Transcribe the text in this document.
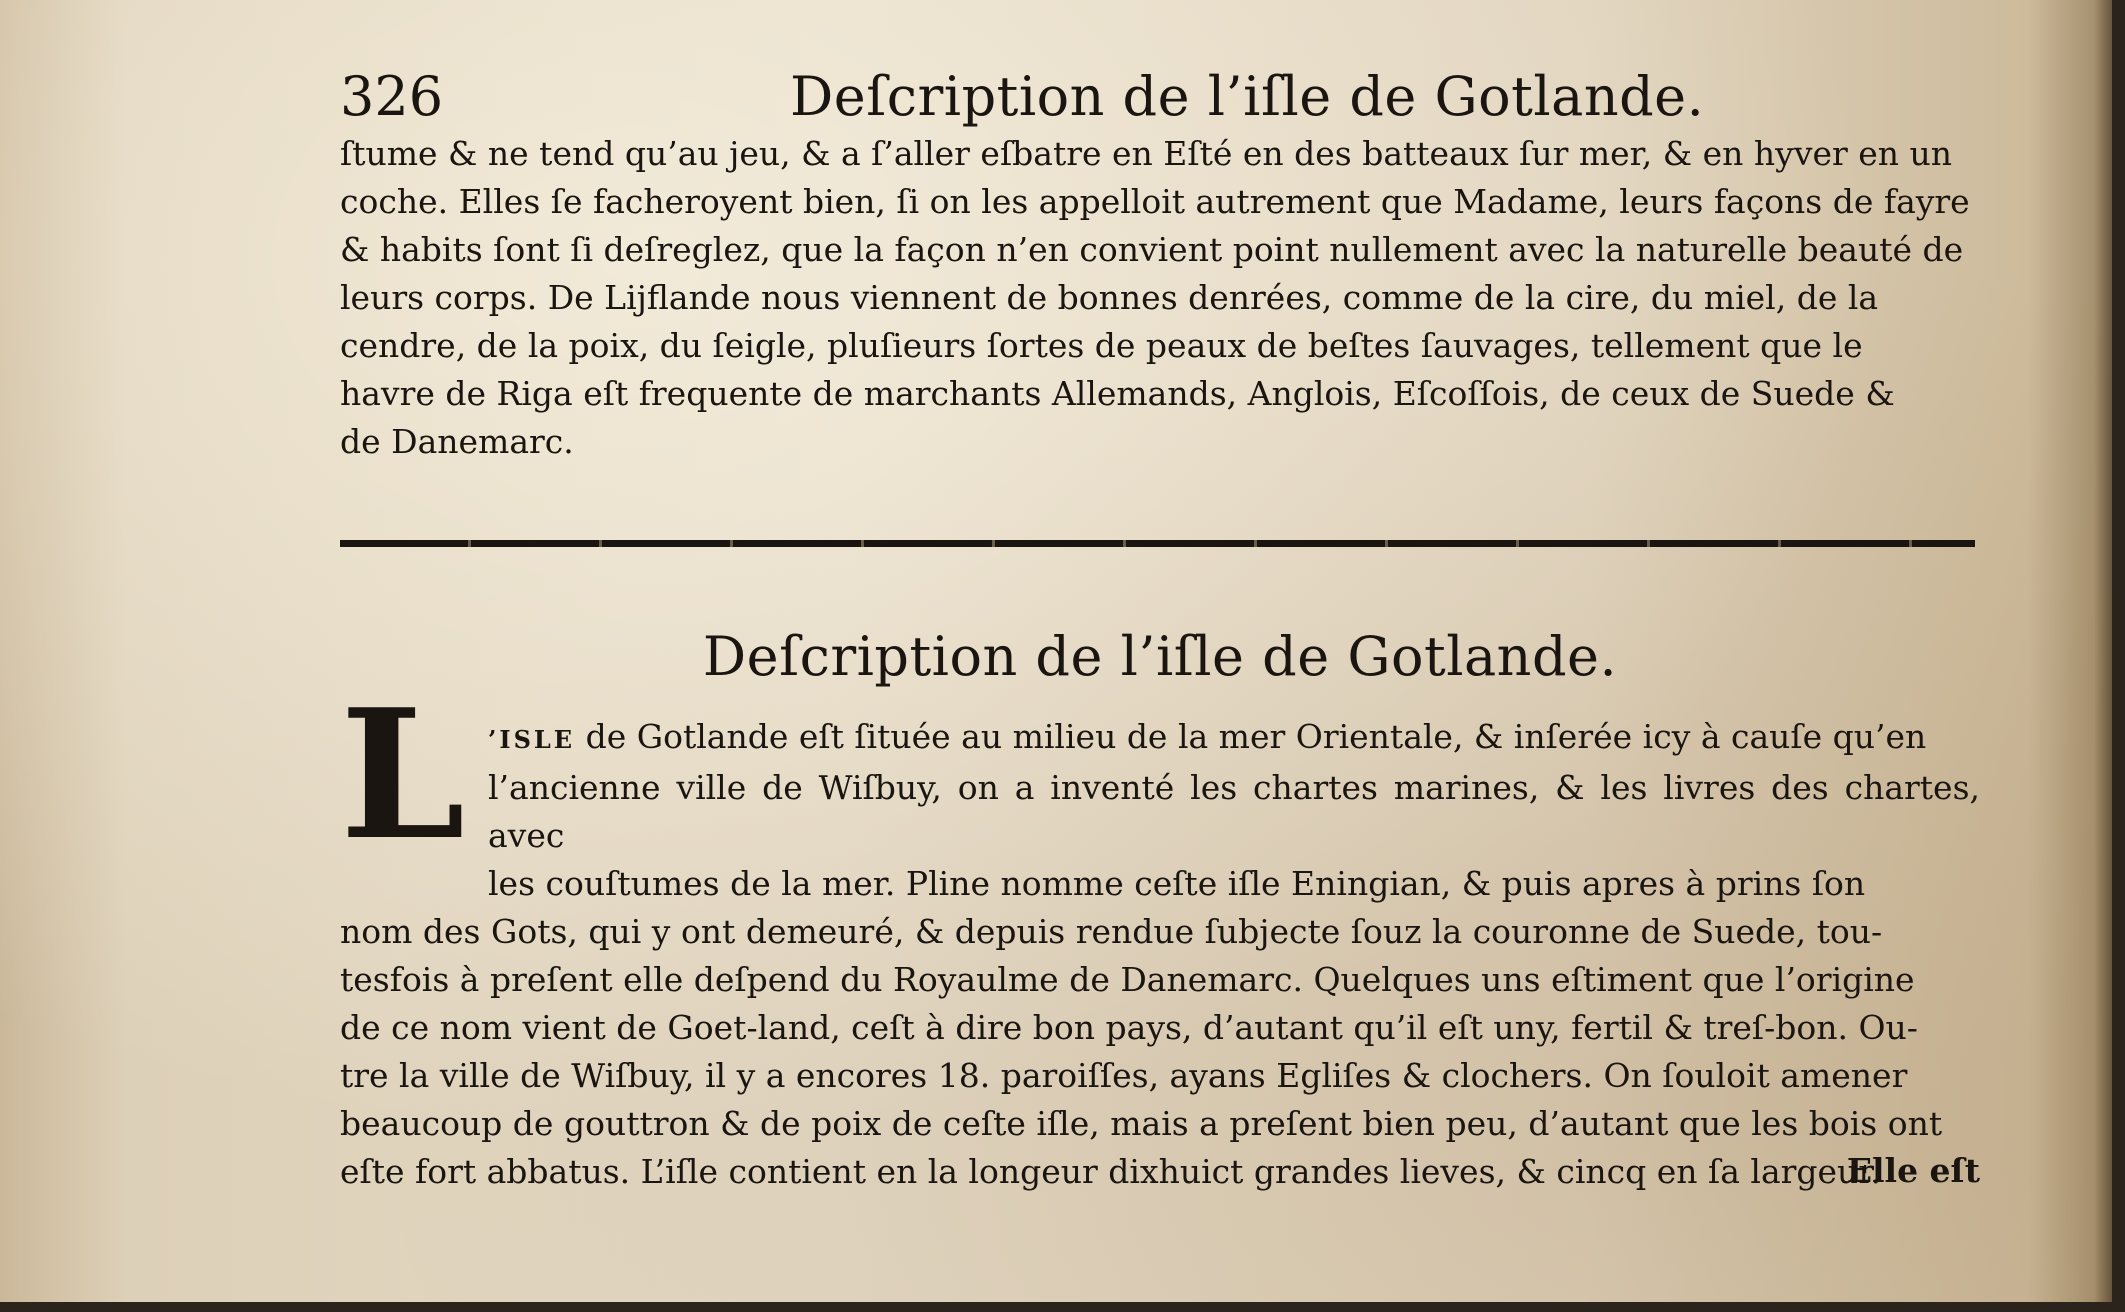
326	Deſcription de l’iſle de Gotlande.

ſtume & ne tend qu’au jeu, & a ſ’aller eſbatre en Eſté en des batteaux ſur mer, & en hyver en un

coche. Elles ſe facheroyent bien, ſi on les appelloit autrement que Madame, leurs façons de fayre

& habits ſont ſi deſreglez, que la façon n’en convient point nullement avec la naturelle beauté de

leurs corps. De Lijflande nous viennent de bonnes denrées, comme de la cire, du miel, de la

cendre, de la poix, du ſeigle, pluſieurs ſortes de peaux de beſtes ſauvages, tellement que le

havre de Riga eſt frequente de marchants Allemands, Anglois, Eſcoſſois, de ceux de Suede &

de Danemarc.

Deſcription de l’iſle de Gotlande.
L ’ISLE de Gotlande eſt ſituée au milieu de la mer Orientale, & inſerée icy à cauſe qu’en

l’ancienne ville de Wiſbuy, on a inventé les chartes marines, & les livres des chartes, avec

les couſtumes de la mer. Pline nomme ceſte iſle Eningian, & puis apres à prins ſon

nom des Gots, qui y ont demeuré, & depuis rendue ſubjecte ſouz la couronne de Suede, tou-

tesfois à preſent elle deſpend du Royaulme de Danemarc. Quelques uns eſtiment que l’origine

de ce nom vient de Goet-land, ceſt à dire bon pays, d’autant qu’il eſt uny, fertil & treſ-bon. Ou-

tre la ville de Wiſbuy, il y a encores 18. paroiſſes, ayans Egliſes & clochers. On ſouloit amener

beaucoup de gouttron & de poix de ceſte iſle, mais a preſent bien peu, d’autant que les bois ont

eſte fort abbatus. L’iſle contient en la longeur dixhuict grandes lieves, & cincq en ſa largeur.

Elle eſt
